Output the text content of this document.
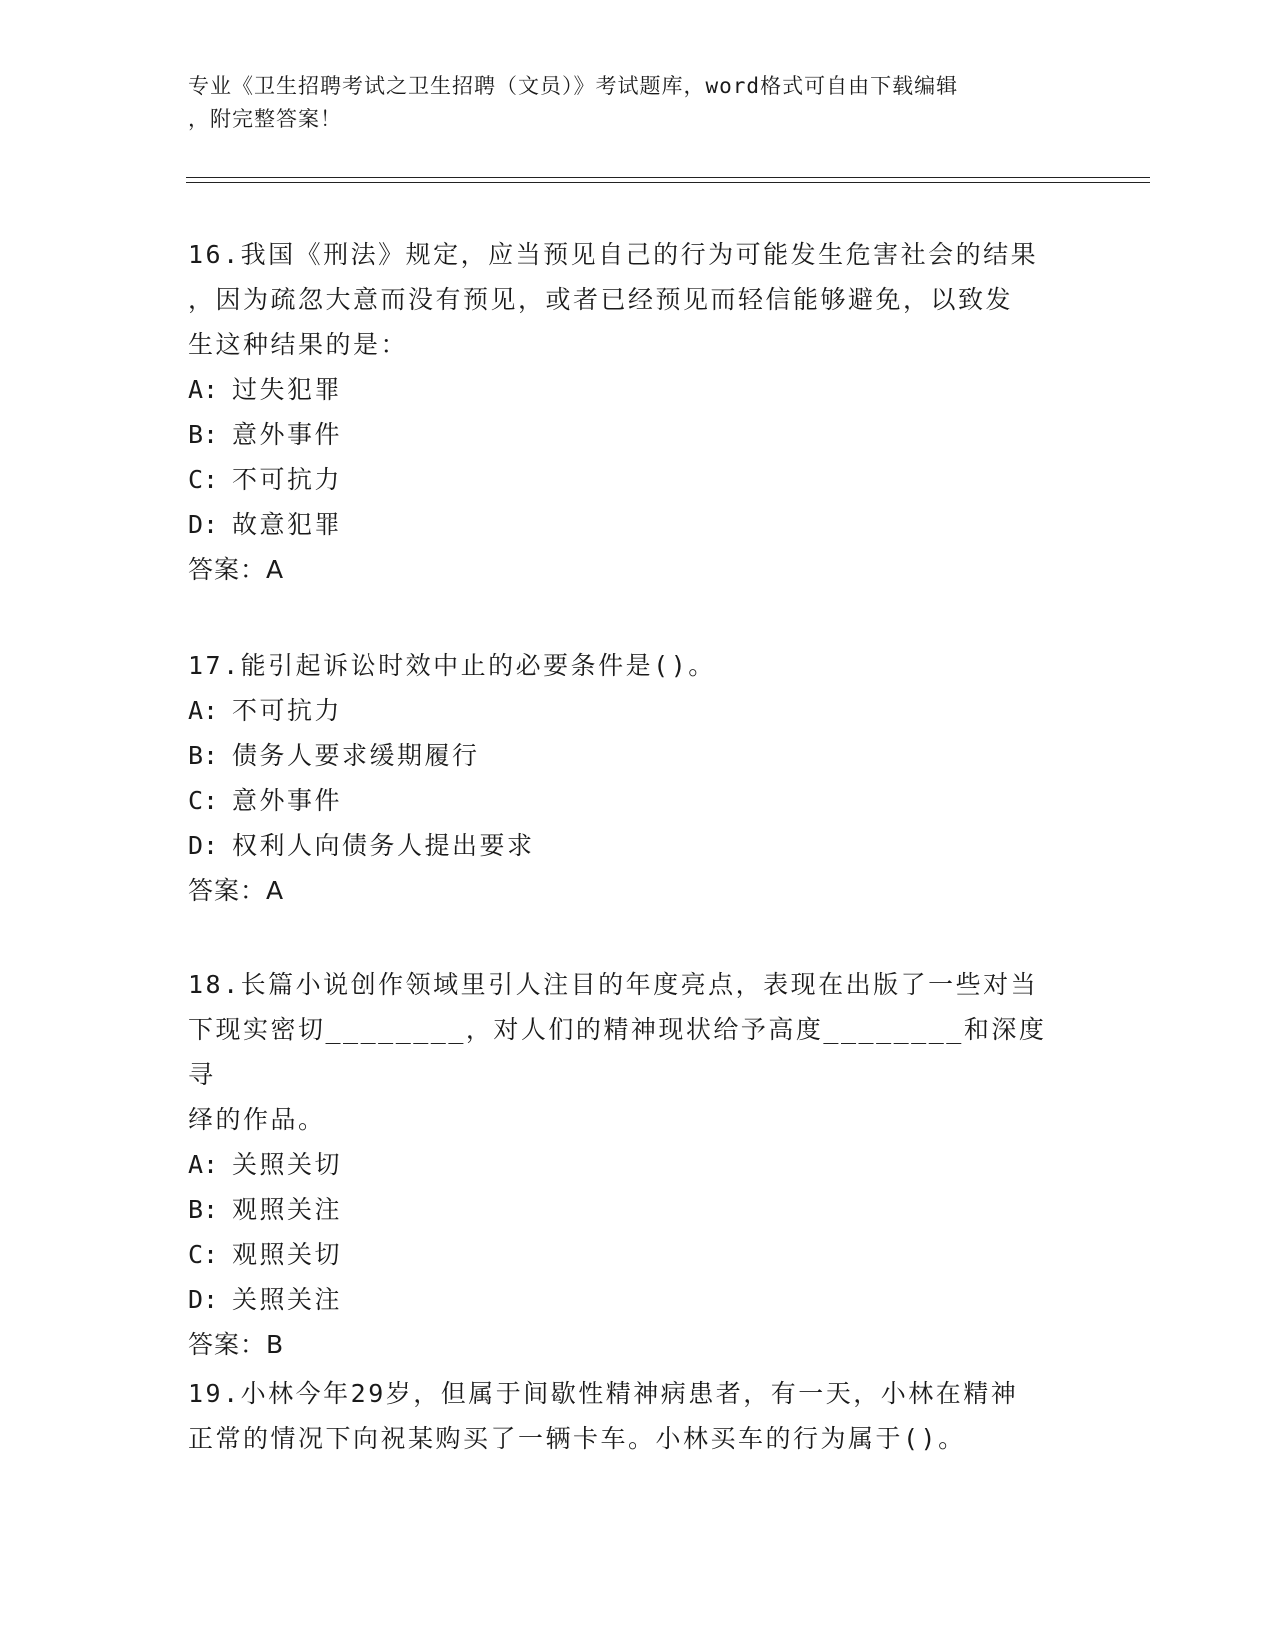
专业《卫生招聘考试之卫生招聘（文员）》考试题库，word格式可自由下载编辑
，附完整答案！
16.我国《刑法》规定，应当预见自己的行为可能发生危害社会的结果
，因为疏忽大意而没有预见，或者已经预见而轻信能够避免，以致发
生这种结果的是：
A: 过失犯罪
B: 意外事件
C: 不可抗力
D: 故意犯罪
答案：A
17.能引起诉讼时效中止的必要条件是()。
A: 不可抗力
B: 债务人要求缓期履行
C: 意外事件
D: 权利人向债务人提出要求
答案：A
18.长篇小说创作领域里引人注目的年度亮点，表现在出版了一些对当
下现实密切________，对人们的精神现状给予高度________和深度寻
绎的作品。
A: 关照关切
B: 观照关注
C: 观照关切
D: 关照关注
答案：B
19.小林今年29岁，但属于间歇性精神病患者，有一天，小林在精神
正常的情况下向祝某购买了一辆卡车。小林买车的行为属于()。
